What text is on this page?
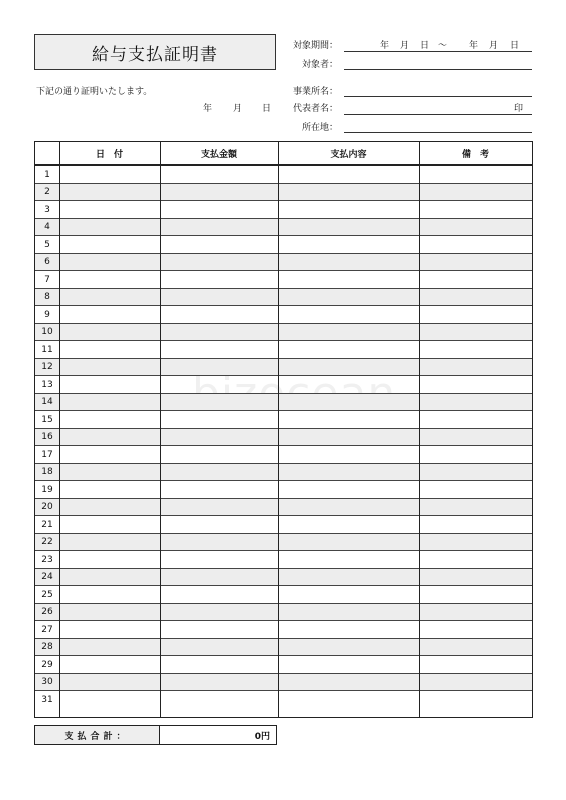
給与支払証明書
下記の通り証明いたします。
年 月 日
対象期間：	年 月 日 〜 年 月 日
対象者：
事業所名：
代表者名：	印
所在地：
日　付	支払金額	支払内容	備　考
1
2
3
4
5
6
7
8
9
10
11
12
13
14
15
16
17
18
19
20
21
22
23
24
25
26
27
28
29
30
31
支払合計：	0円
